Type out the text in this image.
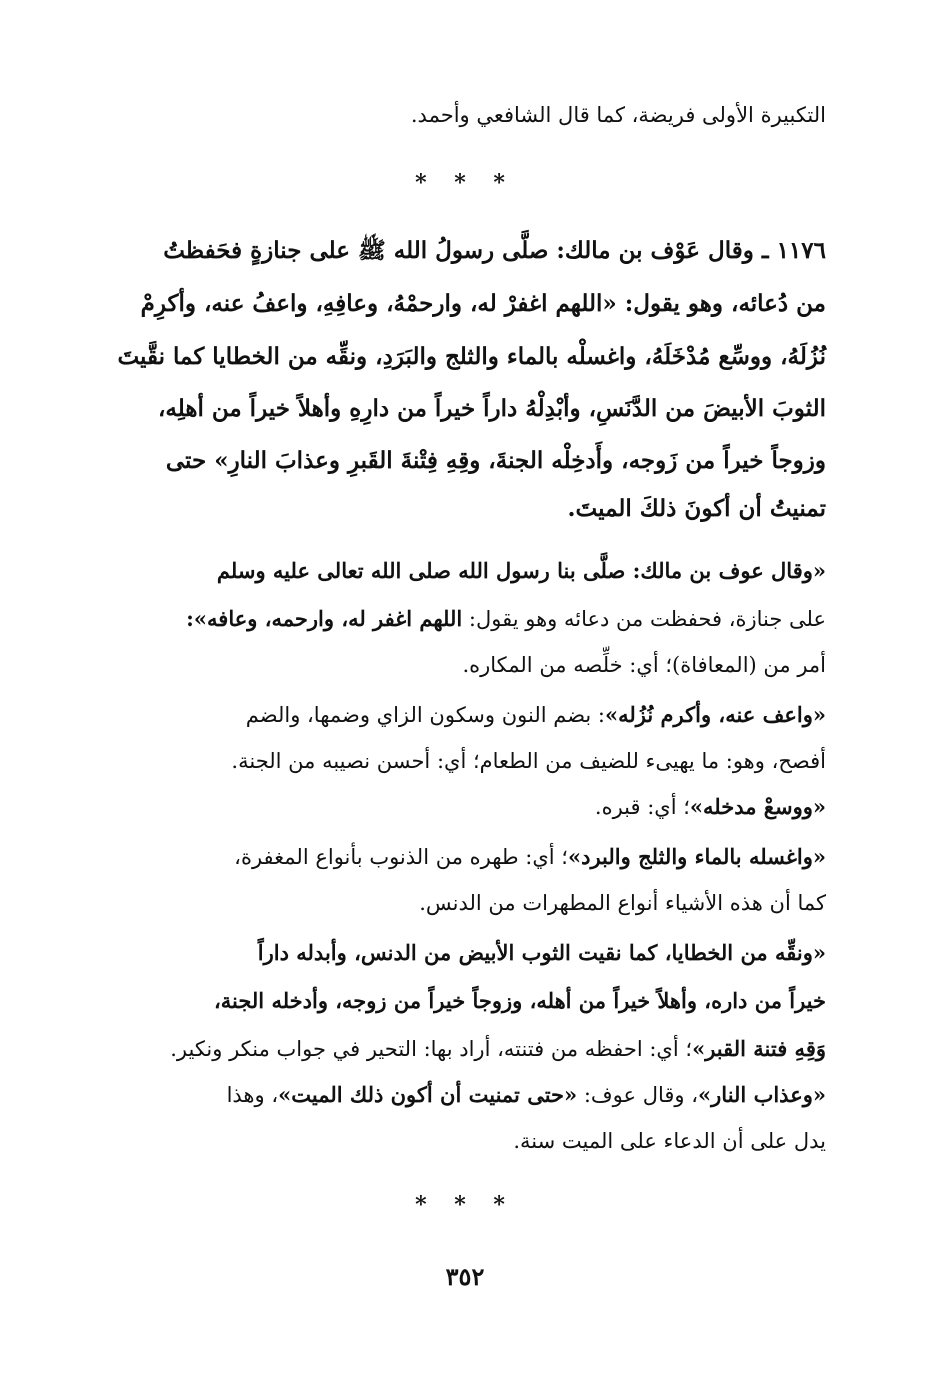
التكبيرة الأولى فريضة، كما قال الشافعي وأحمد.
* * *
١١٧٦ ـ وقال عَوْف بن مالك: صلَّى رسولُ الله ﷺ على جنازةٍ فحَفظتُ
من دُعائه، وهو يقول: «اللهم اغفرْ له، وارحمْهُ، وعافِهِ، واعفُ عنه، وأكرِمْ
نُزُلَهُ، ووسِّع مُدْخَلَهُ، واغسلْه بالماء والثلج والبَرَدِ، ونقِّه من الخطايا كما نقَّيتَ
الثوبَ الأبيضَ من الدَّنَسِ، وأبْدِلْهُ داراً خيراً من دارِهِ وأهلاً خيراً من أهلِه،
وزوجاً خيراً من زَوجه، وأَدخِلْه الجنةَ، وقِهِ فِتْنةَ القَبرِ وعذابَ النارِ» حتى
تمنيتُ أن أكونَ ذلكَ الميتَ.
«وقال عوف بن مالك: صلَّى بنا رسول الله صلى الله تعالى عليه وسلم
على جنازة، فحفظت من دعائه وهو يقول: اللهم اغفر له، وارحمه، وعافه»:
أمر من (المعافاة)؛ أي: خلِّصه من المكاره.
«واعف عنه، وأكرم نُزُله»: بضم النون وسكون الزاي وضمها، والضم
أفصح، وهو: ما يهيىء للضيف من الطعام؛ أي: أحسن نصيبه من الجنة.
«ووسعْ مدخله»؛ أي: قبره.
«واغسله بالماء والثلج والبرد»؛ أي: طهره من الذنوب بأنواع المغفرة،
كما أن هذه الأشياء أنواع المطهرات من الدنس.
«ونقِّه من الخطايا، كما نقيت الثوب الأبيض من الدنس، وأبدله داراً
خيراً من داره، وأهلاً خيراً من أهله، وزوجاً خيراً من زوجه، وأدخله الجنة،
وَقِهِ فتنة القبر»؛ أي: احفظه من فتنته، أراد بها: التحير في جواب منكر ونكير.
«وعذاب النار»، وقال عوف: «حتى تمنيت أن أكون ذلك الميت»، وهذا
يدل على أن الدعاء على الميت سنة.
* * *
٣٥٢
